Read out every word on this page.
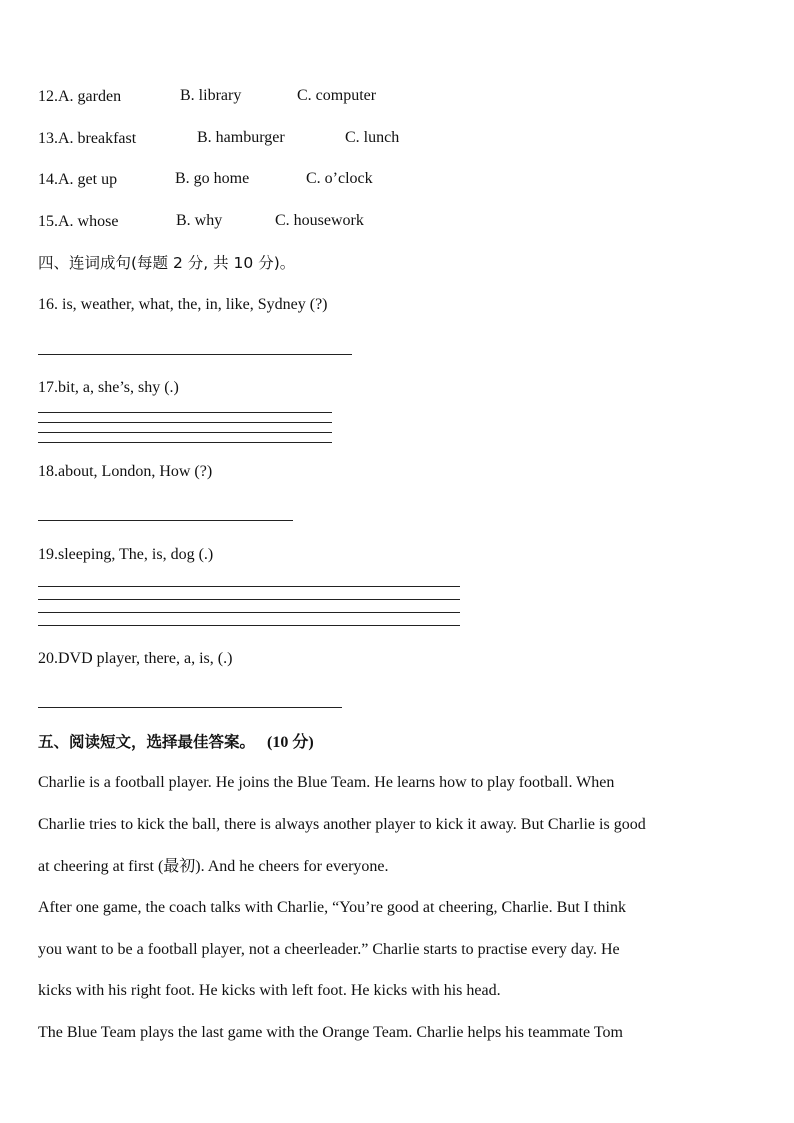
12.A. garden	B. library	C. computer
13.A. breakfast	B. hamburger	C. lunch
14.A. get up	B. go home	C. o’clock
15.A. whose	B. why	C. housework
四、连词成句(每题 2 分, 共 10 分)。
16. is, weather, what, the, in, like, Sydney (?)
17.bit, a, she’s, shy (.)
18.about, London, How (?)
19.sleeping, The, is, dog (.)
20.DVD player, there, a, is, (.)
五、阅读短文，选择最佳答案。 (10 分)
Charlie is a football player. He joins the Blue Team. He learns how to play football. When
Charlie tries to kick the ball, there is always another player to kick it away. But Charlie is good
at cheering at first (最初). And he cheers for everyone.
After one game, the coach talks with Charlie, “You’re good at cheering, Charlie. But I think
you want to be a football player, not a cheerleader.” Charlie starts to practise every day. He
kicks with his right foot. He kicks with left foot. He kicks with his head.
The Blue Team plays the last game with the Orange Team. Charlie helps his teammate Tom
